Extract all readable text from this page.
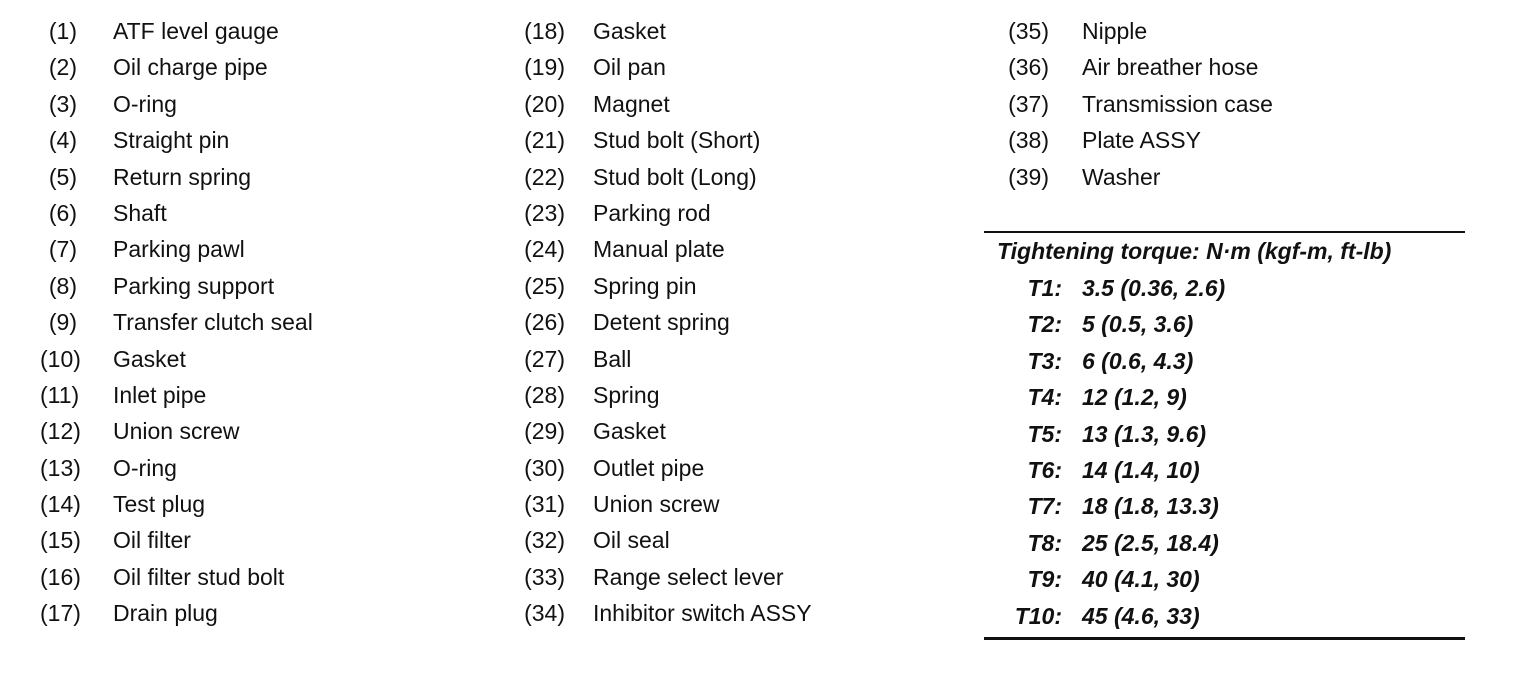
(1) ATF level gauge
(2) Oil charge pipe
(3) O-ring
(4) Straight pin
(5) Return spring
(6) Shaft
(7) Parking pawl
(8) Parking support
(9) Transfer clutch seal
(10) Gasket
(11) Inlet pipe
(12) Union screw
(13) O-ring
(14) Test plug
(15) Oil filter
(16) Oil filter stud bolt
(17) Drain plug
(18) Gasket
(19) Oil pan
(20) Magnet
(21) Stud bolt (Short)
(22) Stud bolt (Long)
(23) Parking rod
(24) Manual plate
(25) Spring pin
(26) Detent spring
(27) Ball
(28) Spring
(29) Gasket
(30) Outlet pipe
(31) Union screw
(32) Oil seal
(33) Range select lever
(34) Inhibitor switch ASSY
(35) Nipple
(36) Air breather hose
(37) Transmission case
(38) Plate ASSY
(39) Washer
Tightening torque: N·m (kgf-m, ft-lb)
T1: 3.5 (0.36, 2.6)
T2: 5 (0.5, 3.6)
T3: 6 (0.6, 4.3)
T4: 12 (1.2, 9)
T5: 13 (1.3, 9.6)
T6: 14 (1.4, 10)
T7: 18 (1.8, 13.3)
T8: 25 (2.5, 18.4)
T9: 40 (4.1, 30)
T10: 45 (4.6, 33)
